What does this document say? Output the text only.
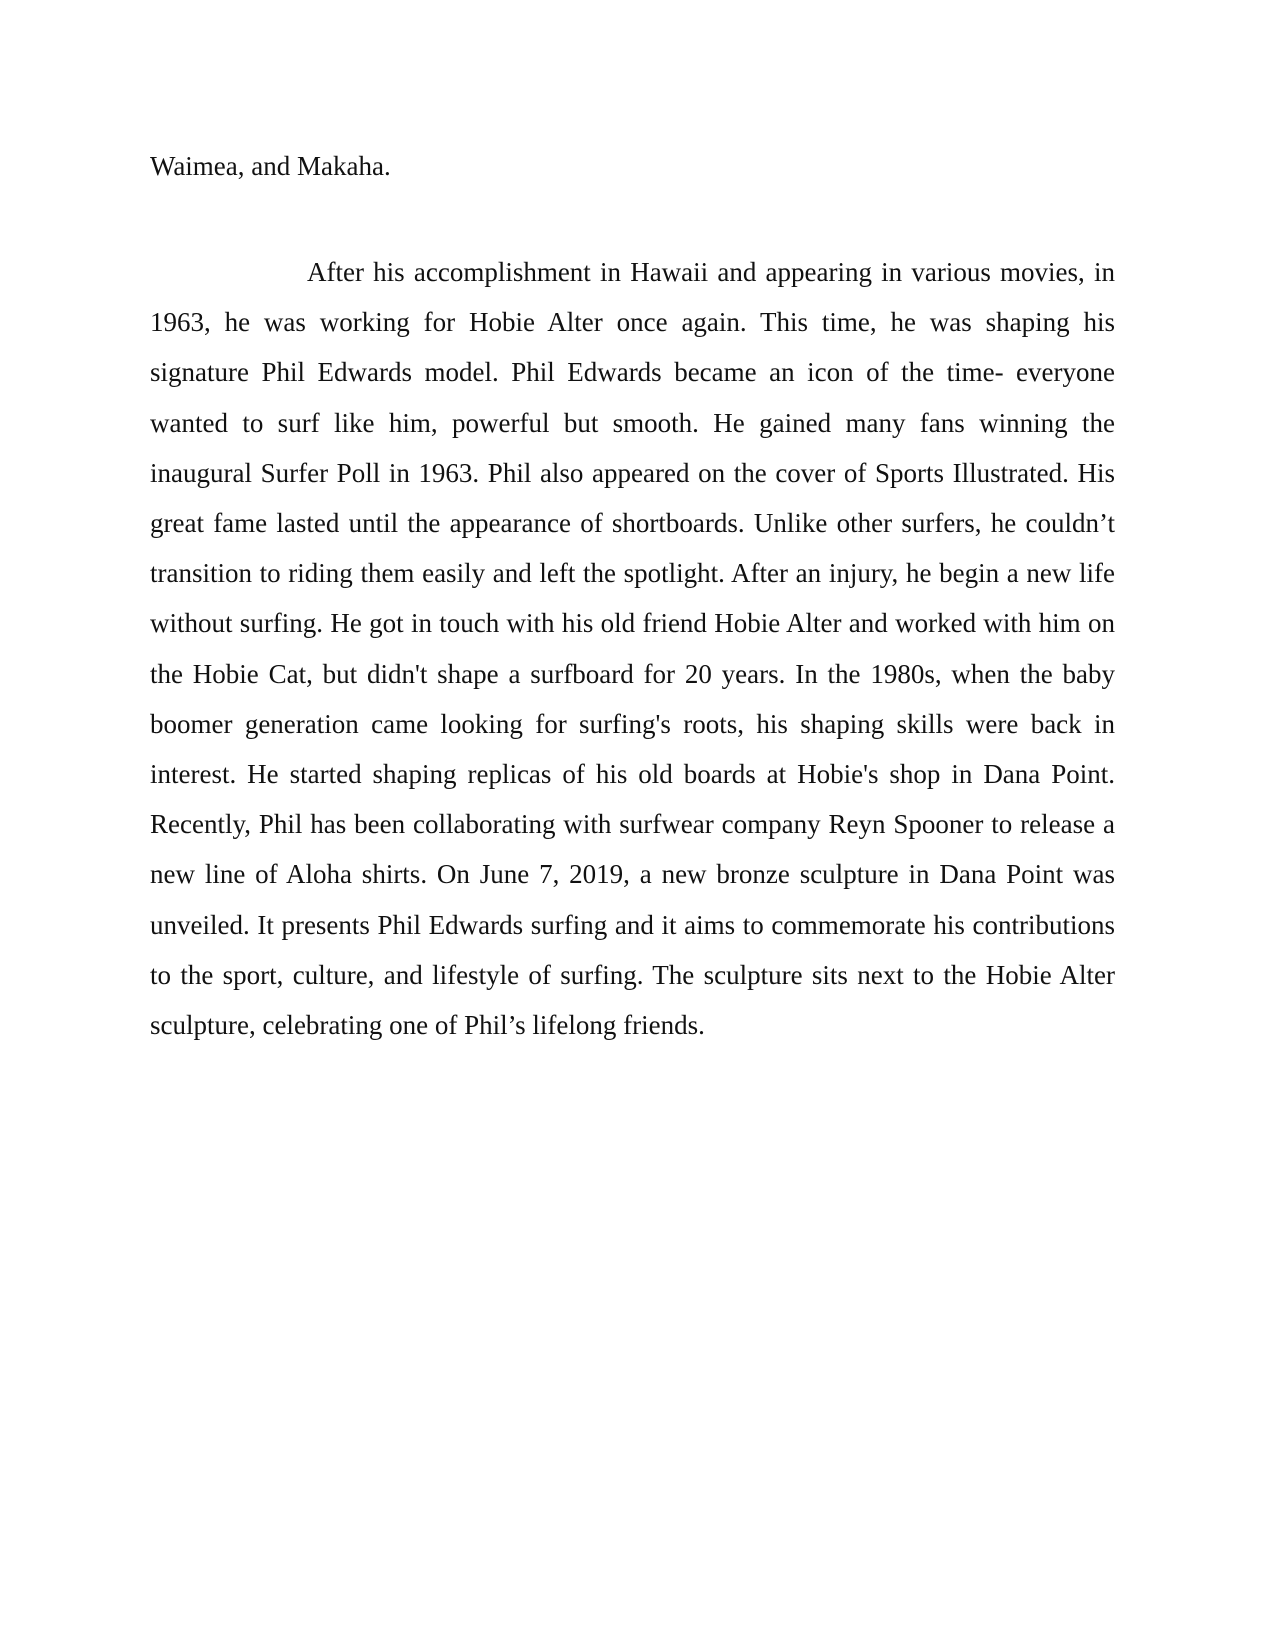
Waimea, and Makaha.

After his accomplishment in Hawaii and appearing in various movies, in 1963, he was working for Hobie Alter once again. This time, he was shaping his signature Phil Edwards model. Phil Edwards became an icon of the time- everyone wanted to surf like him, powerful but smooth. He gained many fans winning the inaugural Surfer Poll in 1963. Phil also appeared on the cover of Sports Illustrated. His great fame lasted until the appearance of shortboards. Unlike other surfers, he couldn’t transition to riding them easily and left the spotlight. After an injury, he begin a new life without surfing. He got in touch with his old friend Hobie Alter and worked with him on the Hobie Cat, but didn't shape a surfboard for 20 years. In the 1980s, when the baby boomer generation came looking for surfing's roots, his shaping skills were back in interest. He started shaping replicas of his old boards at Hobie's shop in Dana Point. Recently, Phil has been collaborating with surfwear company Reyn Spooner to release a new line of Aloha shirts. On June 7, 2019, a new bronze sculpture in Dana Point was unveiled. It presents Phil Edwards surfing and it aims to commemorate his contributions to the sport, culture, and lifestyle of surfing. The sculpture sits next to the Hobie Alter sculpture, celebrating one of Phil’s lifelong friends.
